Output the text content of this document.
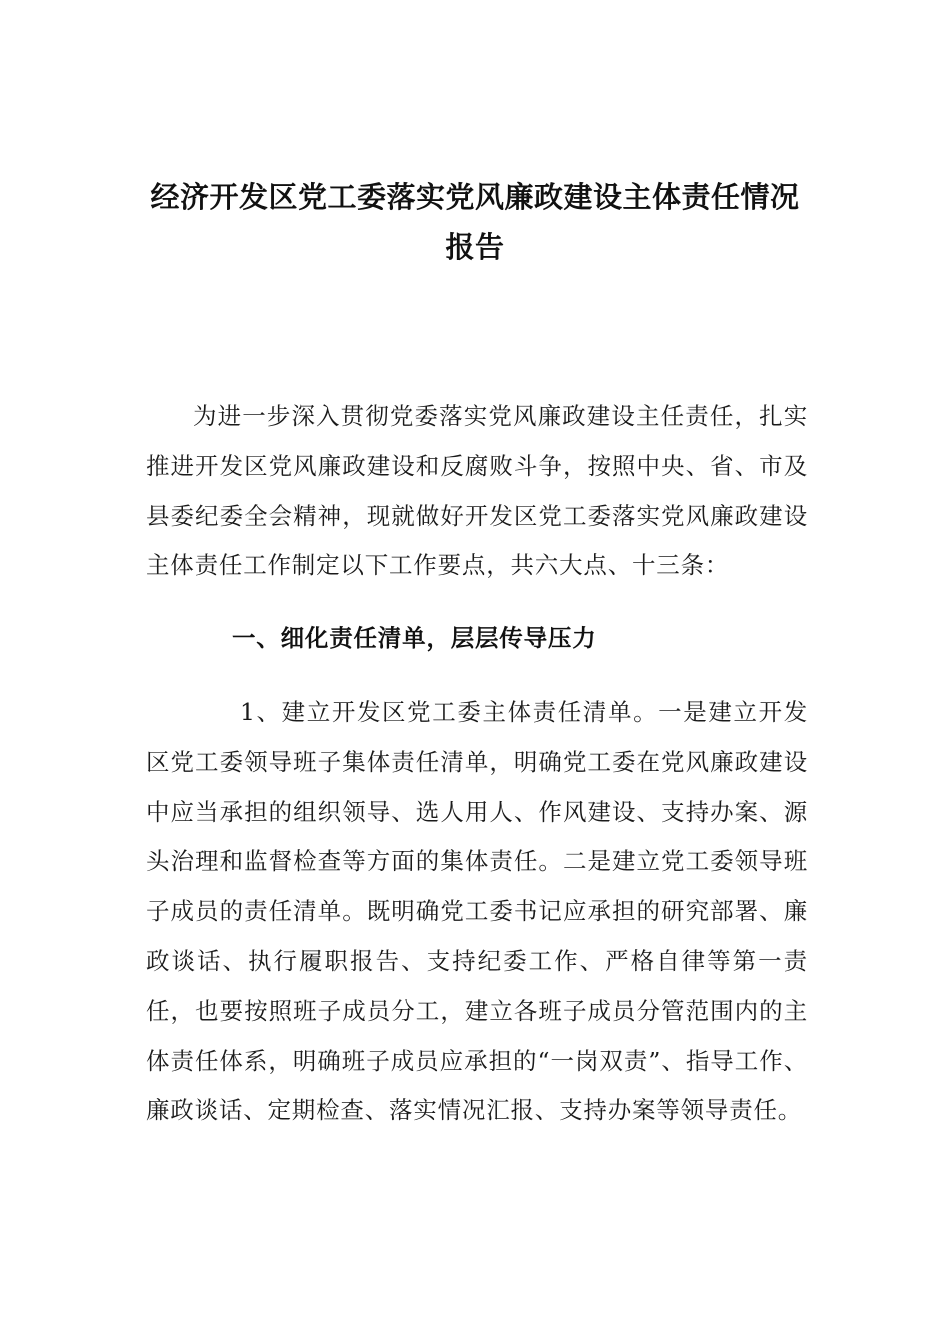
经济开发区党工委落实党风廉政建设主体责任情况报告

为进一步深入贯彻党委落实党风廉政建设主任责任，扎实推进开发区党风廉政建设和反腐败斗争，按照中央、省、市及县委纪委全会精神，现就做好开发区党工委落实党风廉政建设主体责任工作制定以下工作要点，共六大点、十三条：

一、细化责任清单，层层传导压力

1、建立开发区党工委主体责任清单。一是建立开发区党工委领导班子集体责任清单，明确党工委在党风廉政建设中应当承担的组织领导、选人用人、作风建设、支持办案、源头治理和监督检查等方面的集体责任。二是建立党工委领导班子成员的责任清单。既明确党工委书记应承担的研究部署、廉政谈话、执行履职报告、支持纪委工作、严格自律等第一责任，也要按照班子成员分工，建立各班子成员分管范围内的主体责任体系，明确班子成员应承担的“一岗双责”、指导工作、廉政谈话、定期检查、落实情况汇报、支持办案等领导责任。
